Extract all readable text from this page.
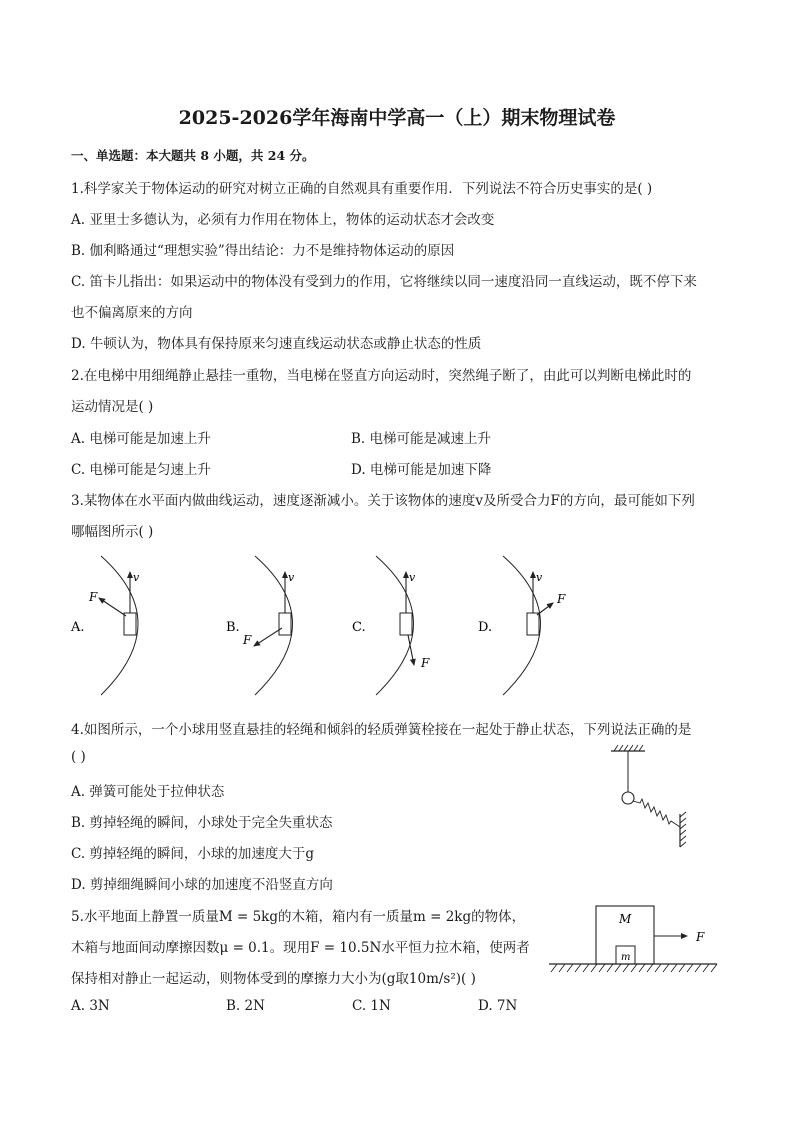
2025-2026学年海南中学高一（上）期末物理试卷
一、单选题：本大题共 8 小题，共 24 分。
1.科学家关于物体运动的研究对树立正确的自然观具有重要作用．下列说法不符合历史事实的是( )
A. 亚里士多德认为，必须有力作用在物体上，物体的运动状态才会改变
B. 伽利略通过“理想实验”得出结论：力不是维持物体运动的原因
C. 笛卡儿指出：如果运动中的物体没有受到力的作用，它将继续以同一速度沿同一直线运动，既不停下来
也不偏离原来的方向
D. 牛顿认为，物体具有保持原来匀速直线运动状态或静止状态的性质
2.在电梯中用细绳静止悬挂一重物，当电梯在竖直方向运动时，突然绳子断了，由此可以判断电梯此时的
运动情况是( )
A. 电梯可能是加速上升	B. 电梯可能是减速上升
C. 电梯可能是匀速上升	D. 电梯可能是加速下降
3.某物体在水平面内做曲线运动，速度逐渐减小。关于该物体的速度v及所受合力F的方向，最可能如下列
哪幅图所示( )
A.
v
F
B.
v
F
C.
v
F
D.
v
F
4.如图所示，一个小球用竖直悬挂的轻绳和倾斜的轻质弹簧栓接在一起处于静止状态，下列说法正确的是
( )
A. 弹簧可能处于拉伸状态
B. 剪掉轻绳的瞬间，小球处于完全失重状态
C. 剪掉轻绳的瞬间，小球的加速度大于g
D. 剪掉细绳瞬间小球的加速度不沿竖直方向
5.水平地面上静置一质量M = 5kg的木箱，箱内有一质量m = 2kg的物体，
木箱与地面间动摩擦因数μ = 0.1。现用F = 10.5N水平恒力拉木箱，使两者
保持相对静止一起运动，则物体受到的摩擦力大小为(g取10m/s²)( )
A. 3N	B. 2N	C. 1N	D. 7N
M
m
F
